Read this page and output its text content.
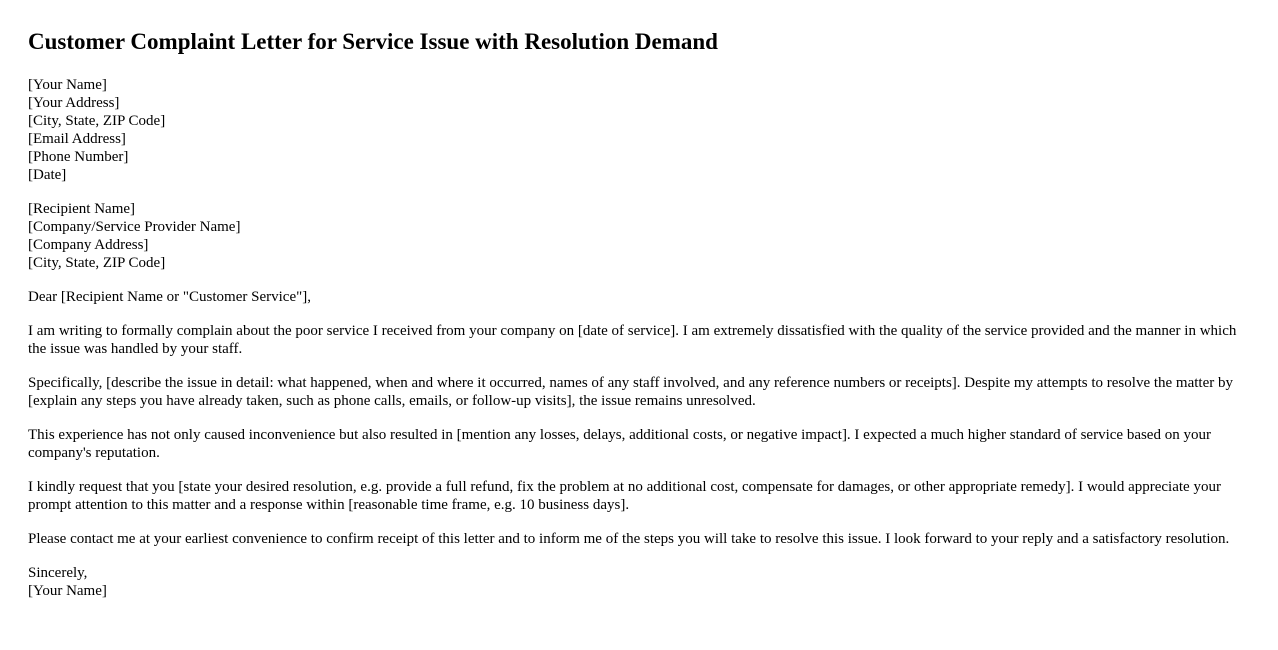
Customer Complaint Letter for Service Issue with Resolution Demand
[Your Name]
[Your Address]
[City, State, ZIP Code]
[Email Address]
[Phone Number]
[Date]
[Recipient Name]
[Company/Service Provider Name]
[Company Address]
[City, State, ZIP Code]

Dear [Recipient Name or "Customer Service"],

I am writing to formally complain about the poor service I received from your company on [date of service]. I am extremely dissatisfied with the quality of the service provided and the manner in which the issue was handled by your staff.

Specifically, [describe the issue in detail: what happened, when and where it occurred, names of any staff involved, and any reference numbers or receipts]. Despite my attempts to resolve the matter by [explain any steps you have already taken, such as phone calls, emails, or follow-up visits], the issue remains unresolved.

This experience has not only caused inconvenience but also resulted in [mention any losses, delays, additional costs, or negative impact]. I expected a much higher standard of service based on your company's reputation.

I kindly request that you [state your desired resolution, e.g. provide a full refund, fix the problem at no additional cost, compensate for damages, or other appropriate remedy]. I would appreciate your prompt attention to this matter and a response within [reasonable time frame, e.g. 10 business days].

Please contact me at your earliest convenience to confirm receipt of this letter and to inform me of the steps you will take to resolve this issue. I look forward to your reply and a satisfactory resolution.

Sincerely,
[Your Name]
